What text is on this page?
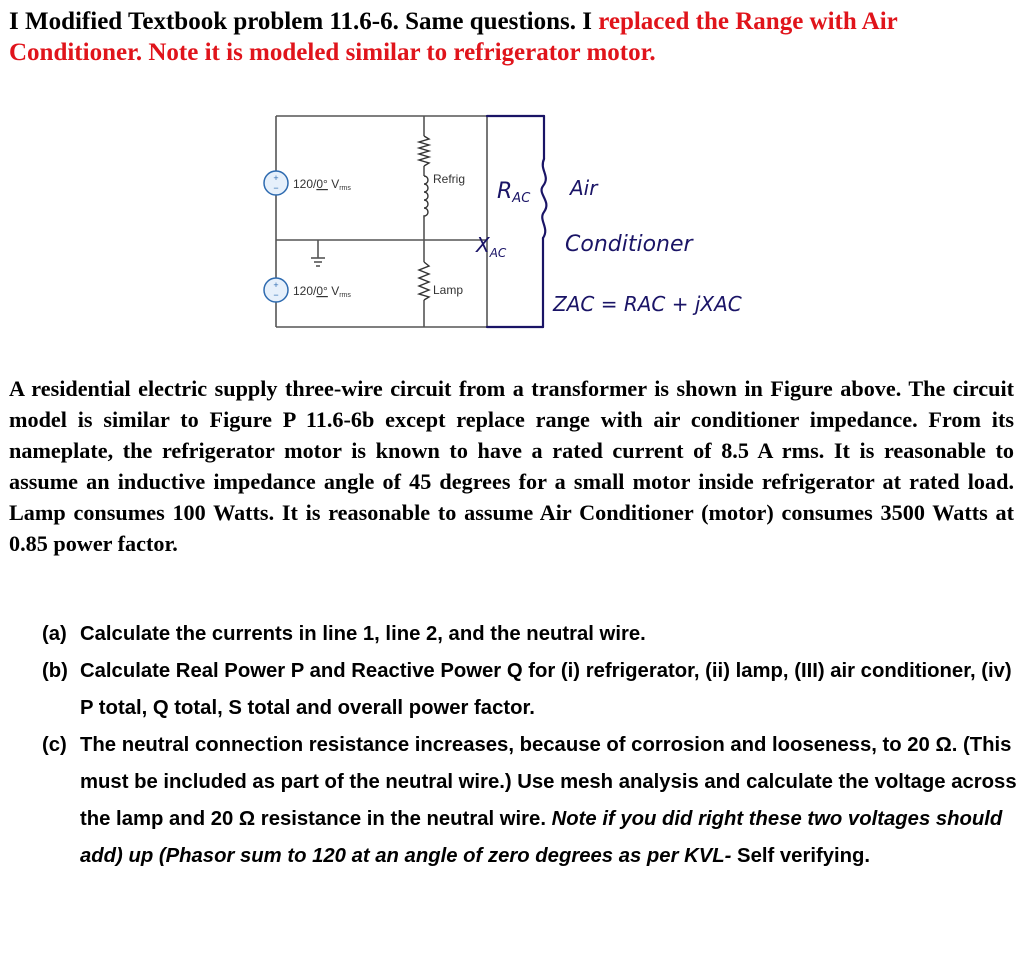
I Modified Textbook problem 11.6-6. Same questions. I replaced the Range with Air Conditioner. Note it is modeled similar to refrigerator motor.
+
−
+
−
120/0° Vrms
120/0° Vrms
Refrig
Lamp
RAC Air
$X_{AC}$	Conditioner
ZAC = RAC + jXAC
A residential electric supply three-wire circuit from a transformer is shown in Figure above. The circuit model is similar to Figure P 11.6-6b except replace range with air conditioner impedance. From its nameplate, the refrigerator motor is known to have a rated current of 8.5 A rms. It is reasonable to assume an inductive impedance angle of 45 degrees for a small motor inside refrigerator at rated load. Lamp consumes 100 Watts. It is reasonable to assume Air Conditioner (motor) consumes 3500 Watts at 0.85 power factor.
(a) Calculate the currents in line 1, line 2, and the neutral wire.
(b) Calculate Real Power P and Reactive Power Q for (i) refrigerator, (ii) lamp, (III) air conditioner, (iv) P total, Q total, S total and overall power factor.
(c) The neutral connection resistance increases, because of corrosion and looseness, to 20 Ω. (This must be included as part of the neutral wire.) Use mesh analysis and calculate the voltage across the lamp and 20 Ω resistance in the neutral wire. Note if you did right these two voltages should add) up (Phasor sum to 120 at an angle of zero degrees as per KVL- Self verifying.
